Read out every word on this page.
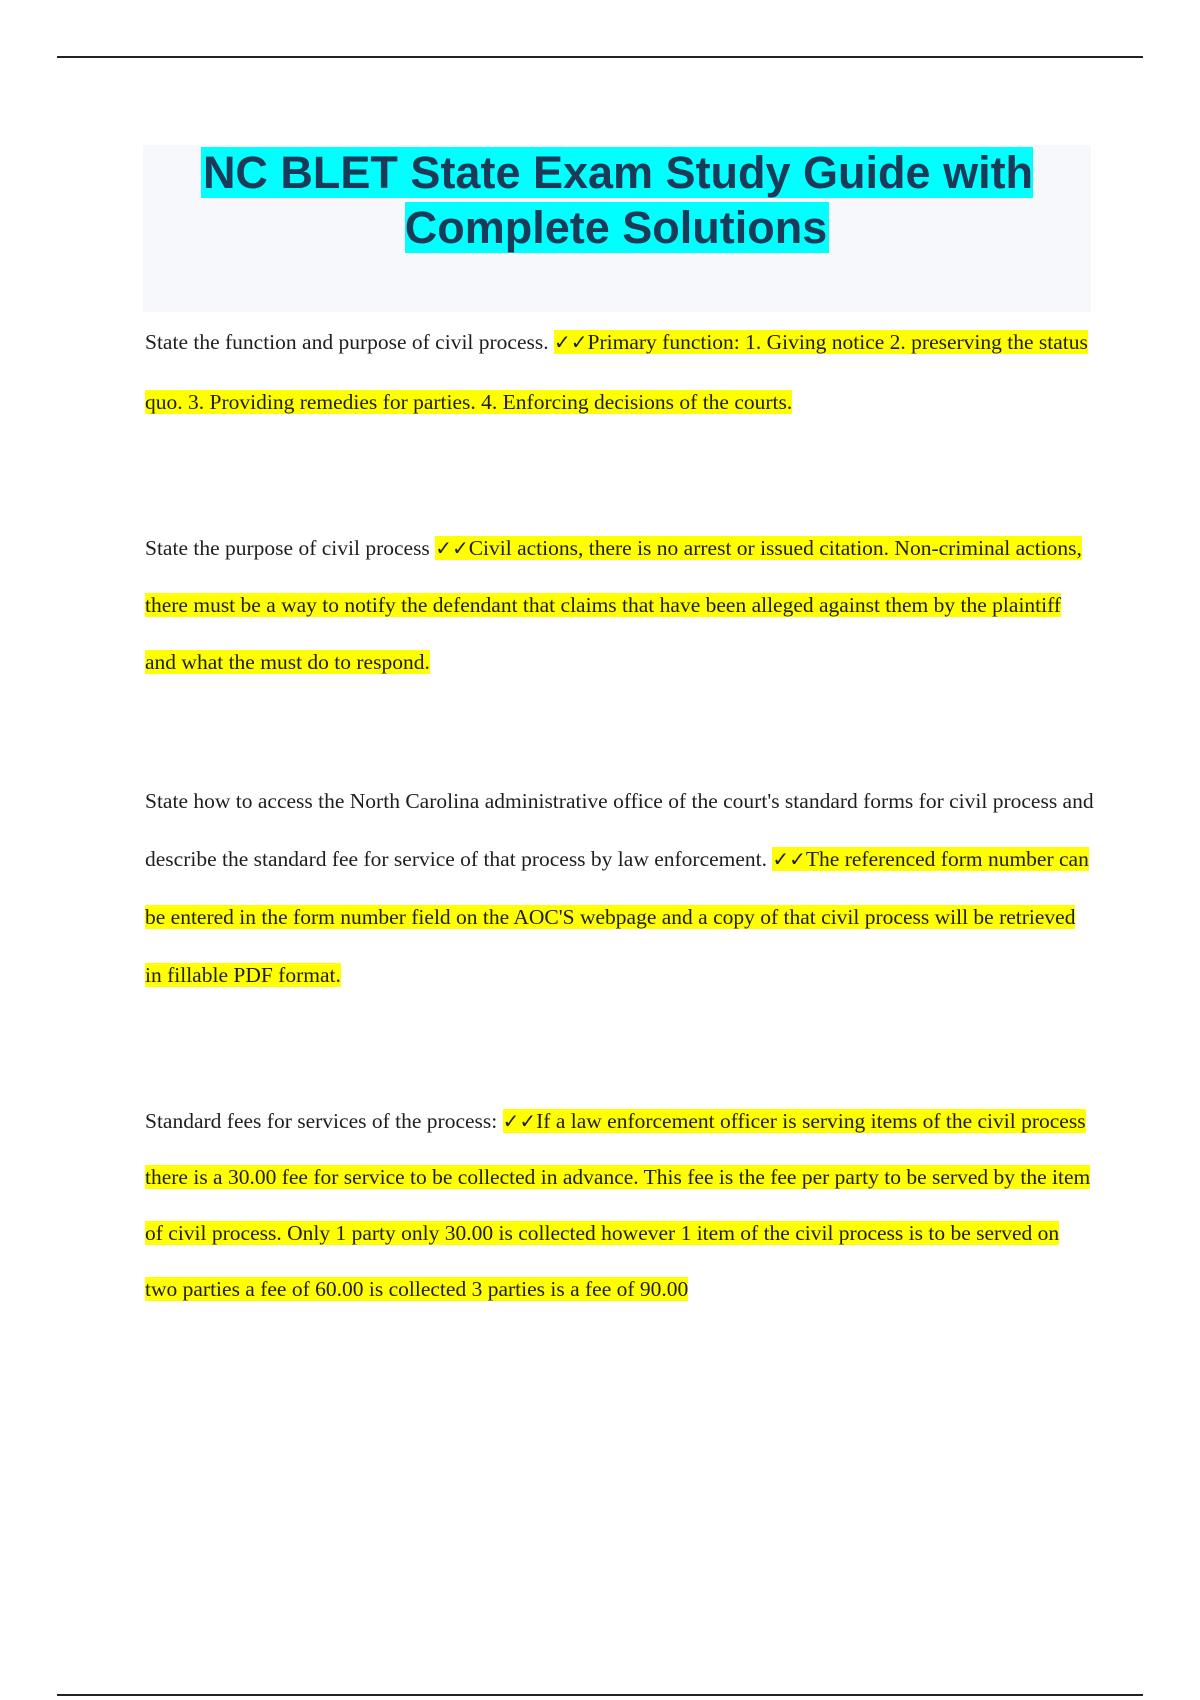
NC BLET State Exam Study Guide with Complete Solutions

State the function and purpose of civil process. ✓✓Primary function: 1. Giving notice 2. preserving the status quo. 3. Providing remedies for parties. 4. Enforcing decisions of the courts.

State the purpose of civil process ✓✓Civil actions, there is no arrest or issued citation. Non-criminal actions, there must be a way to notify the defendant that claims that have been alleged against them by the plaintiff and what the must do to respond.

State how to access the North Carolina administrative office of the court's standard forms for civil process and describe the standard fee for service of that process by law enforcement. ✓✓The referenced form number can be entered in the form number field on the AOC'S webpage and a copy of that civil process will be retrieved in fillable PDF format.

Standard fees for services of the process: ✓✓If a law enforcement officer is serving items of the civil process there is a 30.00 fee for service to be collected in advance. This fee is the fee per party to be served by the item of civil process. Only 1 party only 30.00 is collected however 1 item of the civil process is to be served on two parties a fee of 60.00 is collected 3 parties is a fee of 90.00
